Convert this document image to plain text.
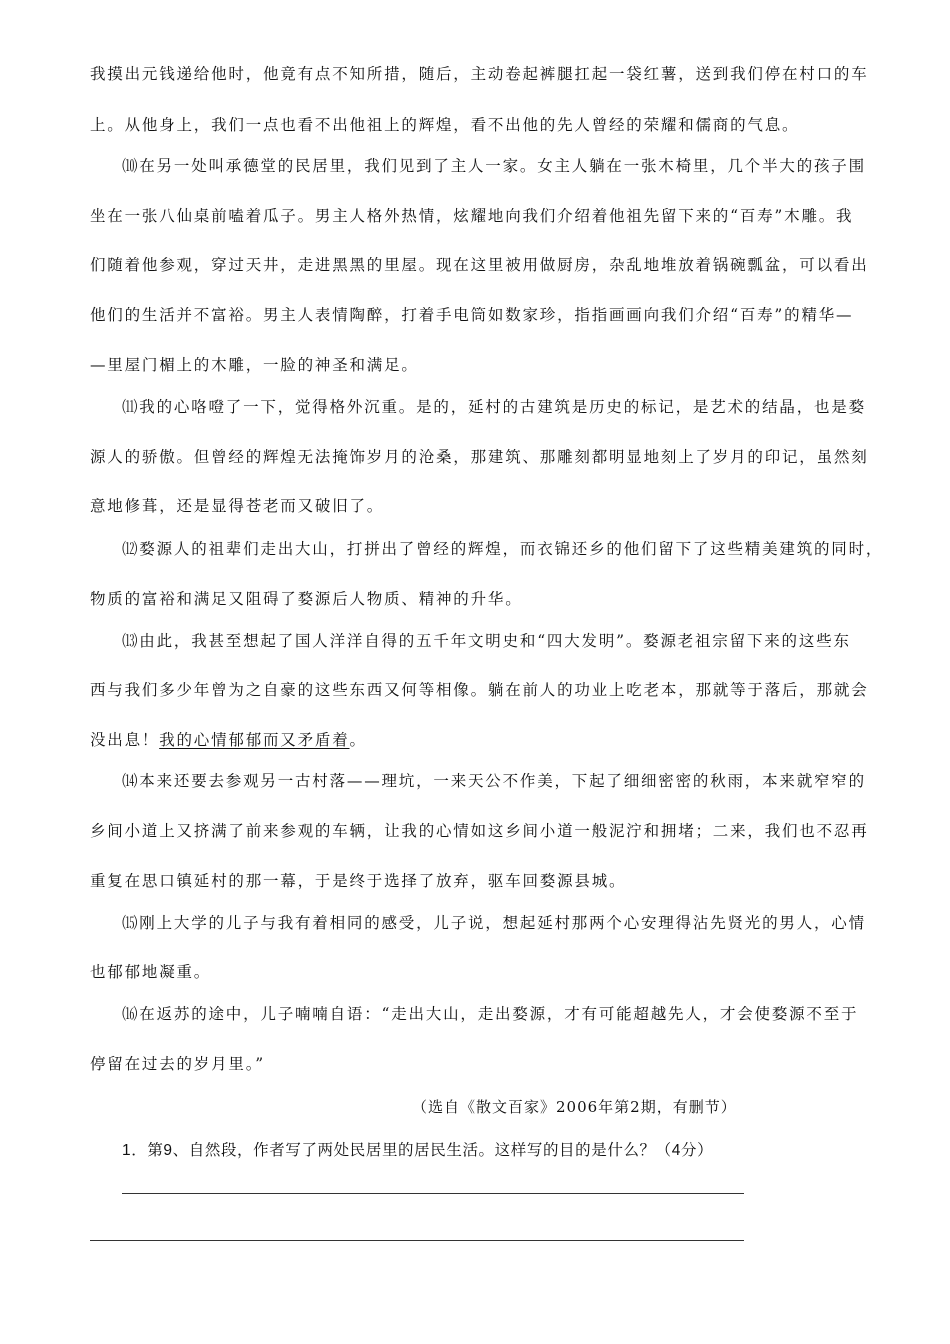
我摸出元钱递给他时，他竟有点不知所措，随后，主动卷起裤腿扛起一袋红薯，送到我们停在村口的车
上。从他身上，我们一点也看不出他祖上的辉煌，看不出他的先人曾经的荣耀和儒商的气息。
⑽在另一处叫承德堂的民居里，我们见到了主人一家。女主人躺在一张木椅里，几个半大的孩子围
坐在一张八仙桌前嗑着瓜子。男主人格外热情，炫耀地向我们介绍着他祖先留下来的“百寿”木雕。我
们随着他参观，穿过天井，走进黑黑的里屋。现在这里被用做厨房，杂乱地堆放着锅碗瓢盆，可以看出
他们的生活并不富裕。男主人表情陶醉，打着手电筒如数家珍，指指画画向我们介绍“百寿”的精华—
—里屋门楣上的木雕，一脸的神圣和满足。
⑾我的心咯噔了一下，觉得格外沉重。是的，延村的古建筑是历史的标记，是艺术的结晶，也是婺
源人的骄傲。但曾经的辉煌无法掩饰岁月的沧桑，那建筑、那雕刻都明显地刻上了岁月的印记，虽然刻
意地修葺，还是显得苍老而又破旧了。
⑿婺源人的祖辈们走出大山，打拼出了曾经的辉煌，而衣锦还乡的他们留下了这些精美建筑的同时，
物质的富裕和满足又阻碍了婺源后人物质、精神的升华。
⒀由此，我甚至想起了国人洋洋自得的五千年文明史和“四大发明”。婺源老祖宗留下来的这些东
西与我们多少年曾为之自豪的这些东西又何等相像。躺在前人的功业上吃老本，那就等于落后，那就会
没出息！我的心情郁郁而又矛盾着。
⒁本来还要去参观另一古村落——理坑，一来天公不作美，下起了细细密密的秋雨，本来就窄窄的
乡间小道上又挤满了前来参观的车辆，让我的心情如这乡间小道一般泥泞和拥堵；二来，我们也不忍再
重复在思口镇延村的那一幕，于是终于选择了放弃，驱车回婺源县城。
⒂刚上大学的儿子与我有着相同的感受，儿子说，想起延村那两个心安理得沾先贤光的男人，心情
也郁郁地凝重。
⒃在返苏的途中，儿子喃喃自语：“走出大山，走出婺源，才有可能超越先人，才会使婺源不至于
停留在过去的岁月里。”
（选自《散文百家》2006年第2期，有删节）
1．第9、自然段，作者写了两处民居里的居民生活。这样写的目的是什么？（4分）
